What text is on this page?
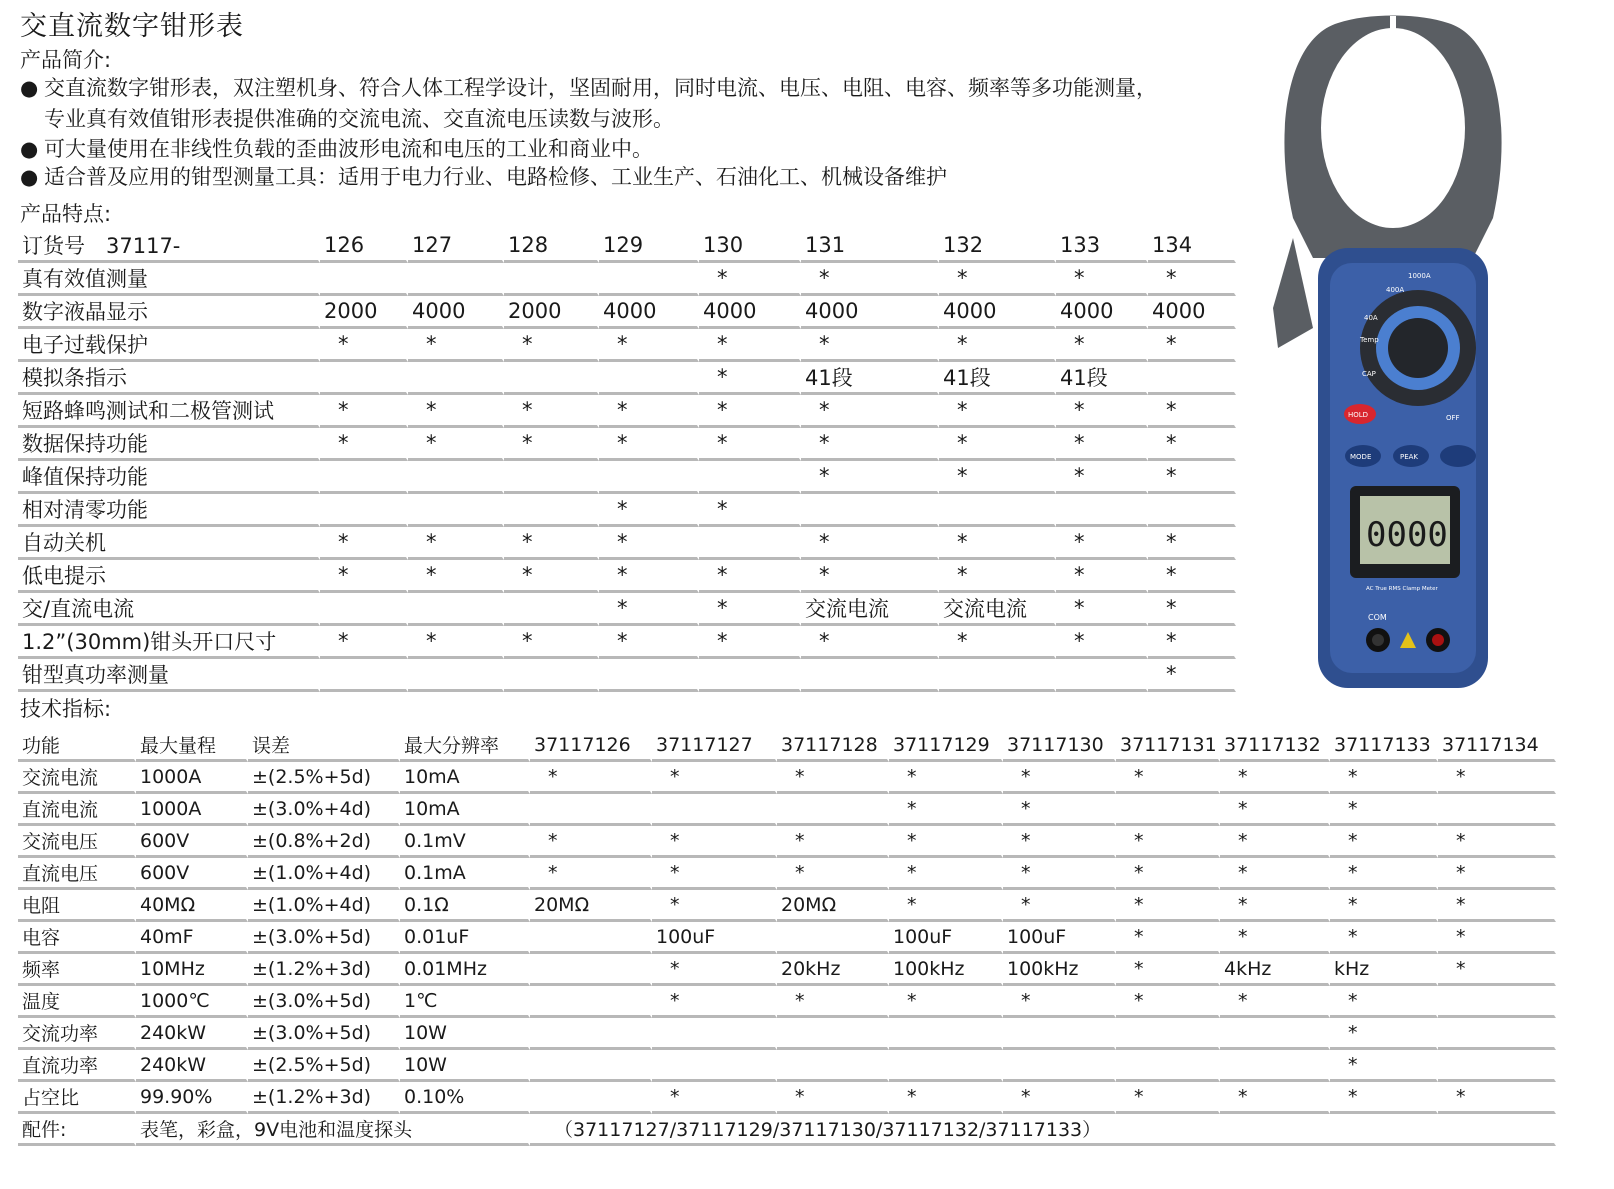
交直流数字钳形表
产品简介:
● 交直流数字钳形表，双注塑机身、符合人体工程学设计，坚固耐用，同时电流、电压、电阻、电容、频率等多功能测量，
专业真有效值钳形表提供准确的交流电流、交直流电压读数与波形。
● 可大量使用在非线性负载的歪曲波形电流和电压的工业和商业中。
● 适合普及应用的钳型测量工具：适用于电力行业、电路检修、工业生产、石油化工、机械设备维护
产品特点:
订货号　37117-	126	127	128	129	130	131	132	133	134
真有效值测量					*	*	*	*	*
数字液晶显示	2000	4000	2000	4000	4000	4000	4000	4000	4000
电子过载保护	*	*	*	*	*	*	*	*	*
模拟条指示					*	41段	41段	41段	
短路蜂鸣测试和二极管测试	*	*	*	*	*	*	*	*	*
数据保持功能	*	*	*	*	*	*	*	*	*
峰值保持功能						*	*	*	*
相对清零功能				*	*				
自动关机	*	*	*	*		*	*	*	*
低电提示	*	*	*	*	*	*	*	*	*
交/直流电流				*	*	交流电流	交流电流	*	*
1.2”(30mm)钳头开口尺寸	*	*	*	*	*	*	*	*	*
钳型真功率测量									*
技术指标:
功能	最大量程	误差	最大分辨率	37117126	37117127	37117128	37117129	37117130	37117131	37117132	37117133	37117134
交流电流	1000A	±(2.5%+5d)	10mA	*	*	*	*	*	*	*	*	*
直流电流	1000A	±(3.0%+4d)	10mA				*	*		*	*	
交流电压	600V	±(0.8%+2d)	0.1mV	*	*	*	*	*	*	*	*	*
直流电压	600V	±(1.0%+4d)	0.1mA	*	*	*	*	*	*	*	*	*
电阻	40MΩ	±(1.0%+4d)	0.1Ω	20MΩ	*	20MΩ	*	*	*	*	*	*
电容	40mF	±(3.0%+5d)	0.01uF		100uF		100uF	100uF	*	*	*	*
频率	10MHz	±(1.2%+3d)	0.01MHz		*	20kHz	100kHz	100kHz	*	4kHz	kHz	*
温度	1000℃	±(3.0%+5d)	1℃		*	*	*	*	*	*	*	
交流功率	240kW	±(3.0%+5d)	10W								*	
直流功率	240kW	±(2.5%+5d)	10W								*	
占空比	99.90%	±(1.2%+3d)	0.10%		*	*	*	*	*	*	*	*
配件:	表笔，彩盒，9V电池和温度探头			（37117127/37117129/37117130/37117132/37117133）								
1000A
400A
40A
Temp
CAP
OFF
HOLD
MODE	PEAK
0000
AC True RMS Clamp Meter
COM
